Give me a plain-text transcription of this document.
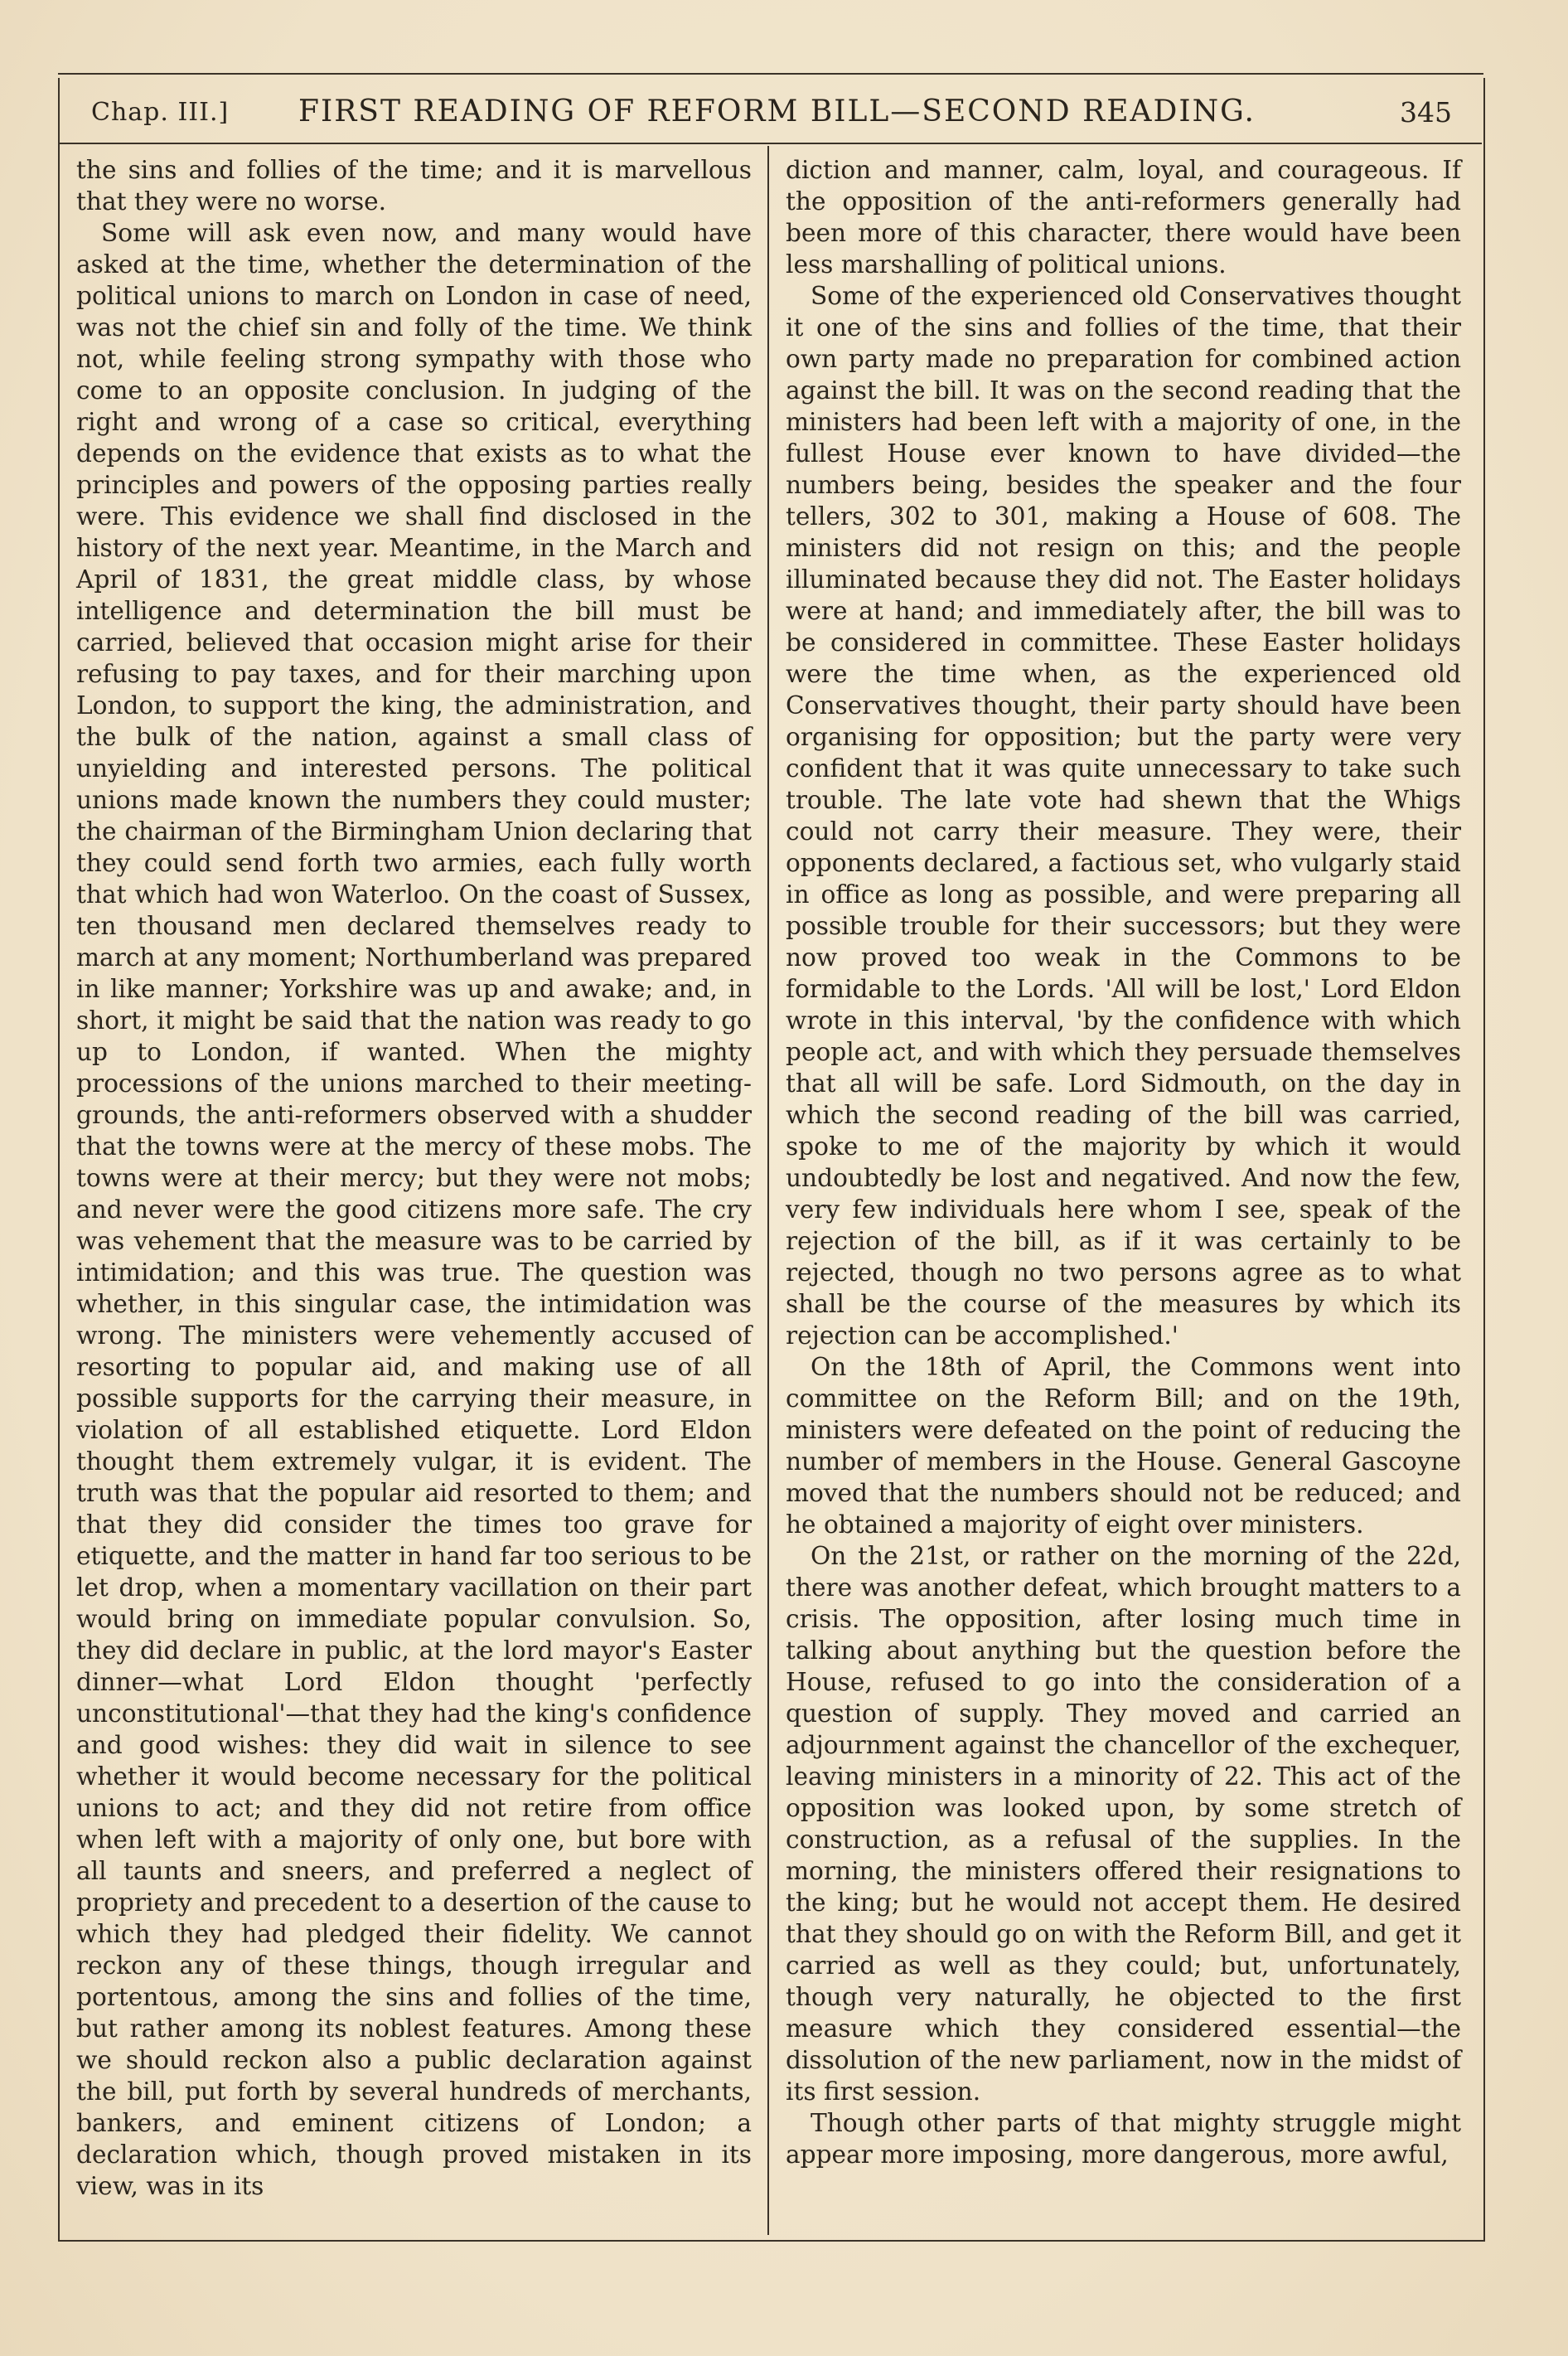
Chap. III.] FIRST READING OF REFORM BILL—SECOND READING.	345

the sins and follies of the time; and it is marvellous that they were no worse.

Some will ask even now, and many would have asked at the time, whether the determination of the political unions to march on London in case of need, was not the chief sin and folly of the time. We think not, while feeling strong sympathy with those who come to an opposite conclusion. In judging of the right and wrong of a case so critical, everything depends on the evidence that exists as to what the principles and powers of the opposing parties really were. This evidence we shall find disclosed in the history of the next year. Meantime, in the March and April of 1831, the great middle class, by whose intelligence and determination the bill must be carried, believed that occasion might arise for their refusing to pay taxes, and for their marching upon London, to support the king, the administration, and the bulk of the nation, against a small class of unyielding and interested persons. The political unions made known the numbers they could muster; the chairman of the Birmingham Union declaring that they could send forth two armies, each fully worth that which had won Waterloo. On the coast of Sussex, ten thousand men declared themselves ready to march at any moment; Northumberland was prepared in like manner; Yorkshire was up and awake; and, in short, it might be said that the nation was ready to go up to London, if wanted. When the mighty processions of the unions marched to their meeting-grounds, the anti-reformers observed with a shudder that the towns were at the mercy of these mobs. The towns were at their mercy; but they were not mobs; and never were the good citizens more safe. The cry was vehement that the measure was to be carried by intimidation; and this was true. The question was whether, in this singular case, the intimidation was wrong. The ministers were vehemently accused of resorting to popular aid, and making use of all possible supports for the carrying their measure, in violation of all established etiquette. Lord Eldon thought them extremely vulgar, it is evident. The truth was that the popular aid resorted to them; and that they did consider the times too grave for etiquette, and the matter in hand far too serious to be let drop, when a momentary vacillation on their part would bring on immediate popular convulsion. So, they did declare in public, at the lord mayor's Easter dinner—what Lord Eldon thought 'perfectly unconstitutional'—that they had the king's confidence and good wishes: they did wait in silence to see whether it would become necessary for the political unions to act; and they did not retire from office when left with a majority of only one, but bore with all taunts and sneers, and preferred a neglect of propriety and precedent to a desertion of the cause to which they had pledged their fidelity. We cannot reckon any of these things, though irregular and portentous, among the sins and follies of the time, but rather among its noblest features. Among these we should reckon also a public declaration against the bill, put forth by several hundreds of merchants, bankers, and eminent citizens of London; a declaration which, though proved mistaken in its view, was in its

diction and manner, calm, loyal, and courageous. If the opposition of the anti-reformers generally had been more of this character, there would have been less marshalling of political unions.

Some of the experienced old Conservatives thought it one of the sins and follies of the time, that their own party made no preparation for combined action against the bill. It was on the second reading that the ministers had been left with a majority of one, in the fullest House ever known to have divided—the numbers being, besides the speaker and the four tellers, 302 to 301, making a House of 608. The ministers did not resign on this; and the people illuminated because they did not. The Easter holidays were at hand; and immediately after, the bill was to be considered in committee. These Easter holidays were the time when, as the experienced old Conservatives thought, their party should have been organising for opposition; but the party were very confident that it was quite unnecessary to take such trouble. The late vote had shewn that the Whigs could not carry their measure. They were, their opponents declared, a factious set, who vulgarly staid in office as long as possible, and were preparing all possible trouble for their successors; but they were now proved too weak in the Commons to be formidable to the Lords. 'All will be lost,' Lord Eldon wrote in this interval, 'by the confidence with which people act, and with which they persuade themselves that all will be safe. Lord Sidmouth, on the day in which the second reading of the bill was carried, spoke to me of the majority by which it would undoubtedly be lost and negatived. And now the few, very few individuals here whom I see, speak of the rejection of the bill, as if it was certainly to be rejected, though no two persons agree as to what shall be the course of the measures by which its rejection can be accomplished.'

On the 18th of April, the Commons went into committee on the Reform Bill; and on the 19th, ministers were defeated on the point of reducing the number of members in the House. General Gascoyne moved that the numbers should not be reduced; and he obtained a majority of eight over ministers.

On the 21st, or rather on the morning of the 22d, there was another defeat, which brought matters to a crisis. The opposition, after losing much time in talking about anything but the question before the House, refused to go into the consideration of a question of supply. They moved and carried an adjournment against the chancellor of the exchequer, leaving ministers in a minority of 22. This act of the opposition was looked upon, by some stretch of construction, as a refusal of the supplies. In the morning, the ministers offered their resignations to the king; but he would not accept them. He desired that they should go on with the Reform Bill, and get it carried as well as they could; but, unfortunately, though very naturally, he objected to the first measure which they considered essential—the dissolution of the new parliament, now in the midst of its first session.

Though other parts of that mighty struggle might appear more imposing, more dangerous, more awful,
